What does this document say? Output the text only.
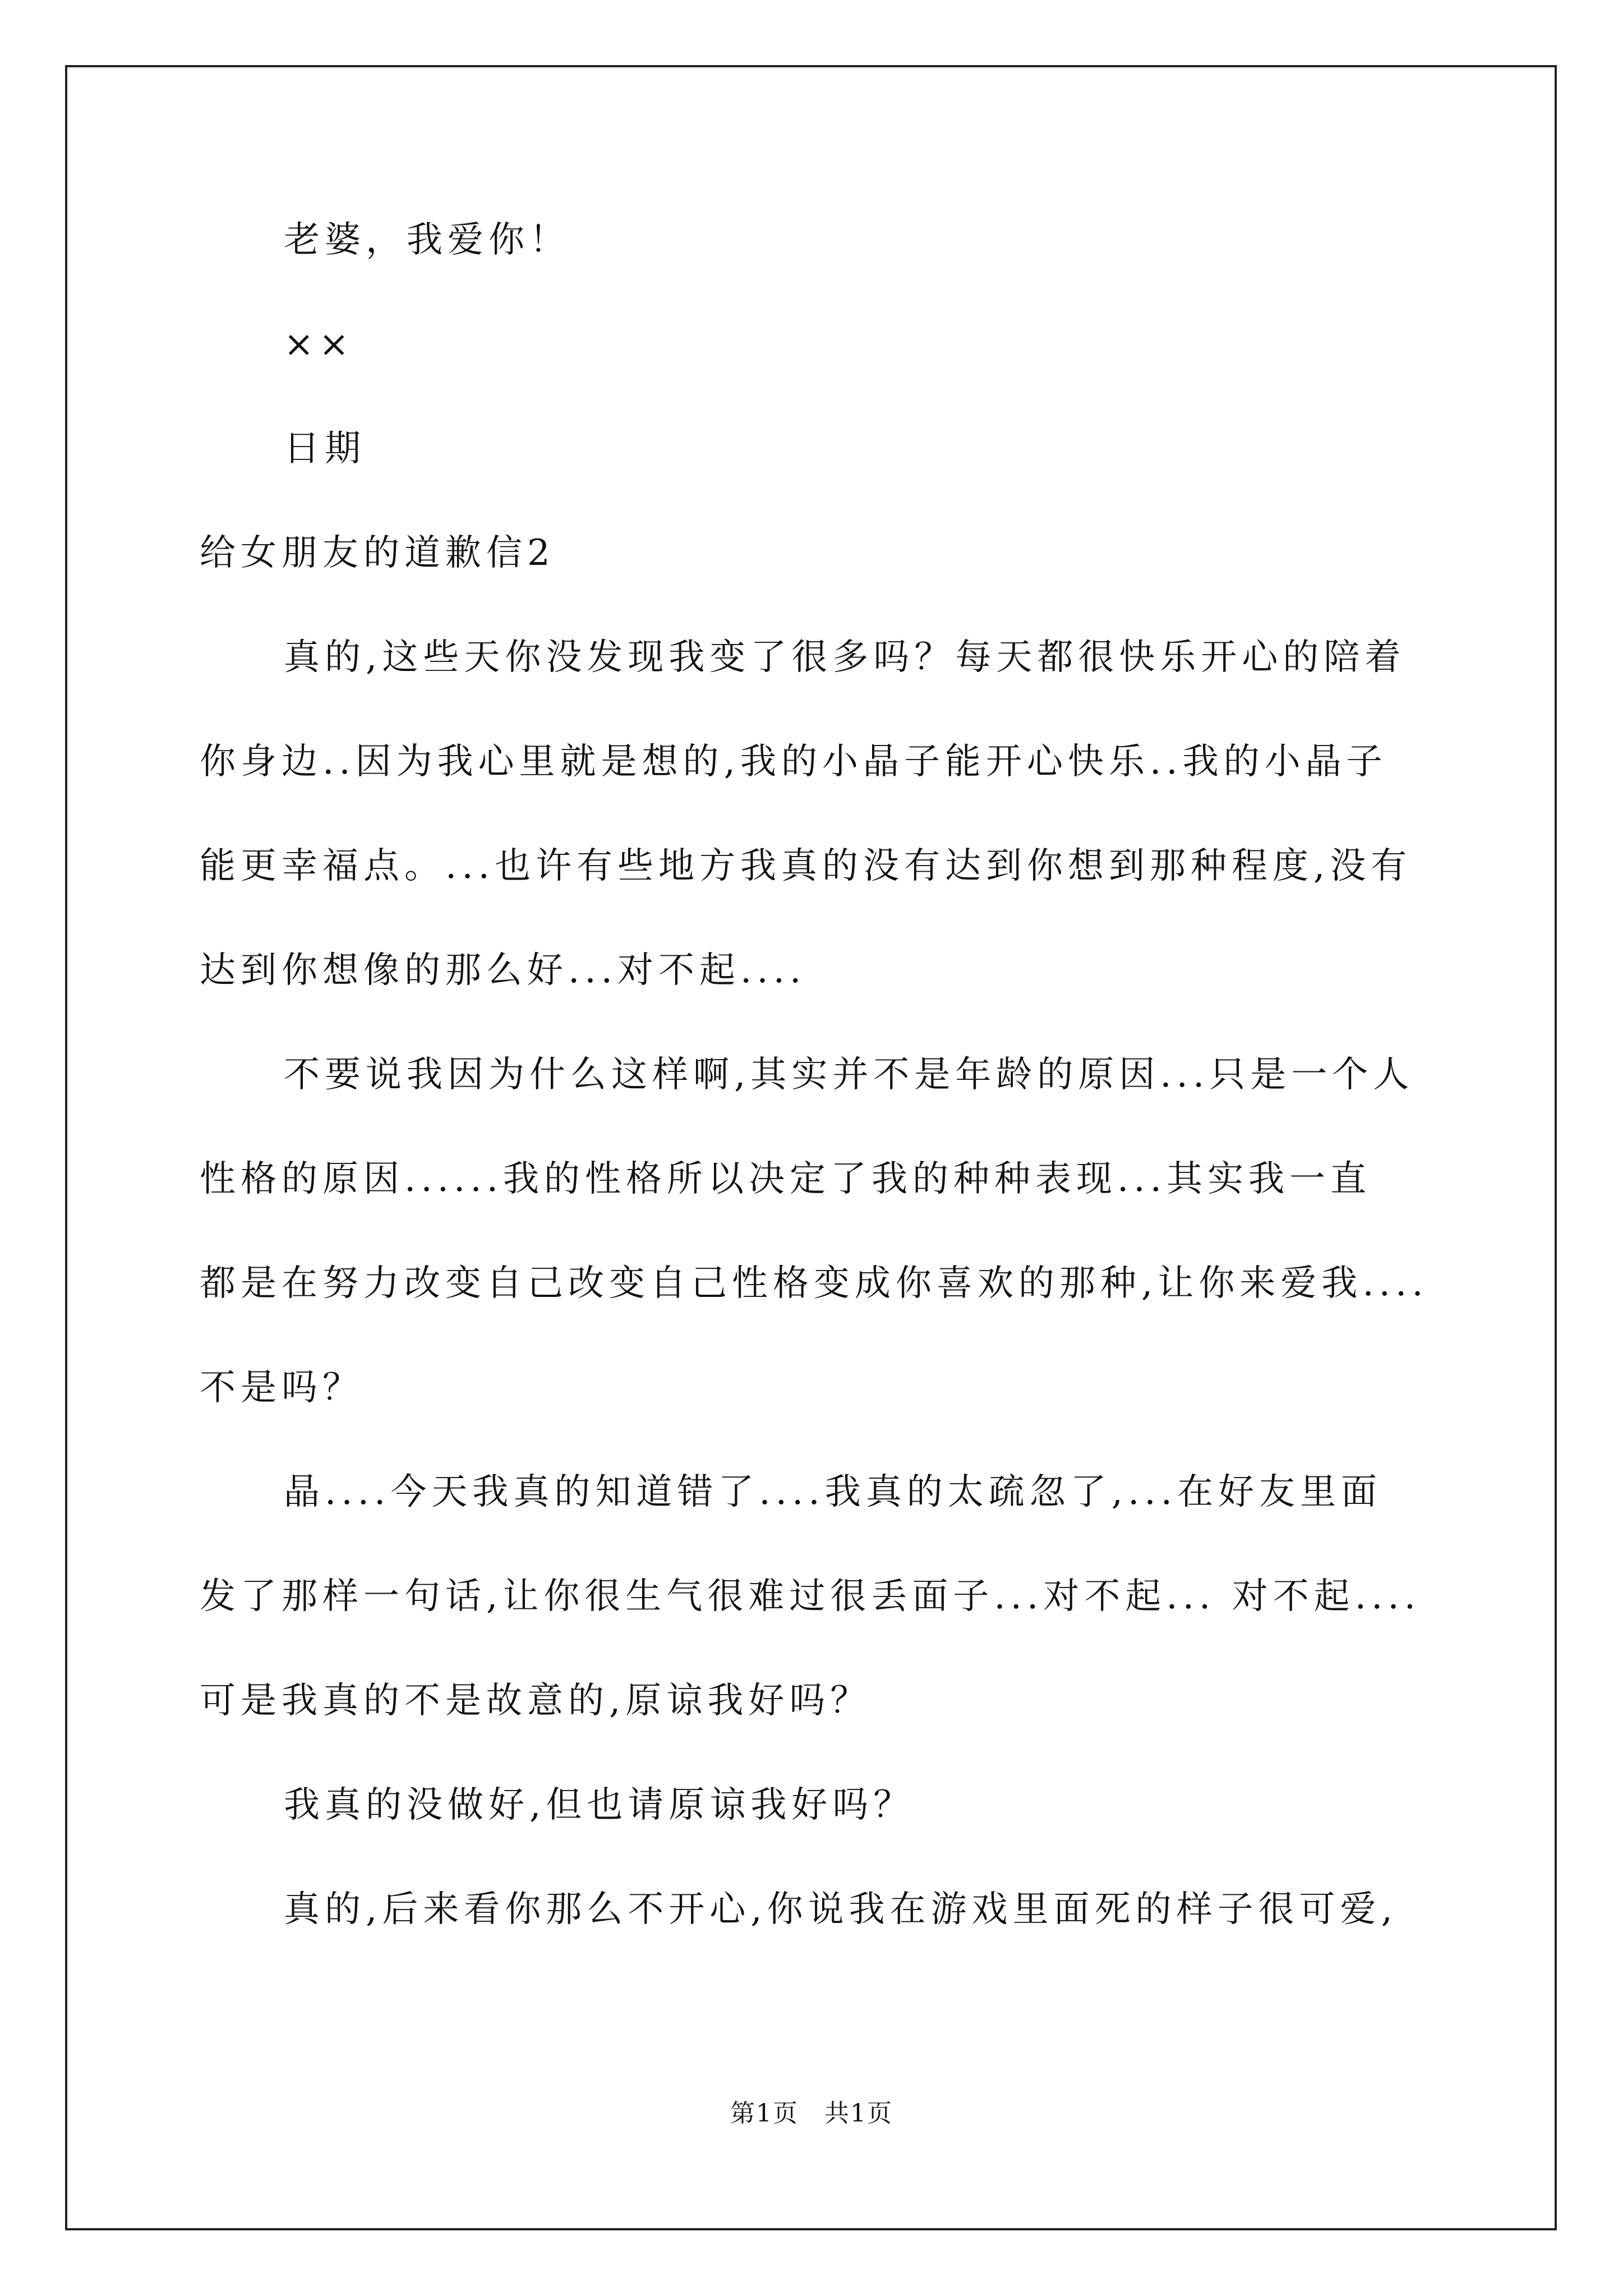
老婆，我爱你！
××
日期
给女朋友的道歉信2
真的,这些天你没发现我变了很多吗？每天都很快乐开心的陪着
你身边..因为我心里就是想的,我的小晶子能开心快乐..我的小晶子
能更幸福点。...也许有些地方我真的没有达到你想到那种程度,没有
达到你想像的那么好...对不起....
不要说我因为什么这样啊,其实并不是年龄的原因...只是一个人
性格的原因......我的性格所以决定了我的种种表现...其实我一直
都是在努力改变自己改变自己性格变成你喜欢的那种,让你来爱我....
不是吗？
晶....今天我真的知道错了....我真的太疏忽了,...在好友里面
发了那样一句话,让你很生气很难过很丢面子...对不起... 对不起....
可是我真的不是故意的,原谅我好吗？
我真的没做好,但也请原谅我好吗？
真的,后来看你那么不开心,你说我在游戏里面死的样子很可爱,
第1页　共1页
